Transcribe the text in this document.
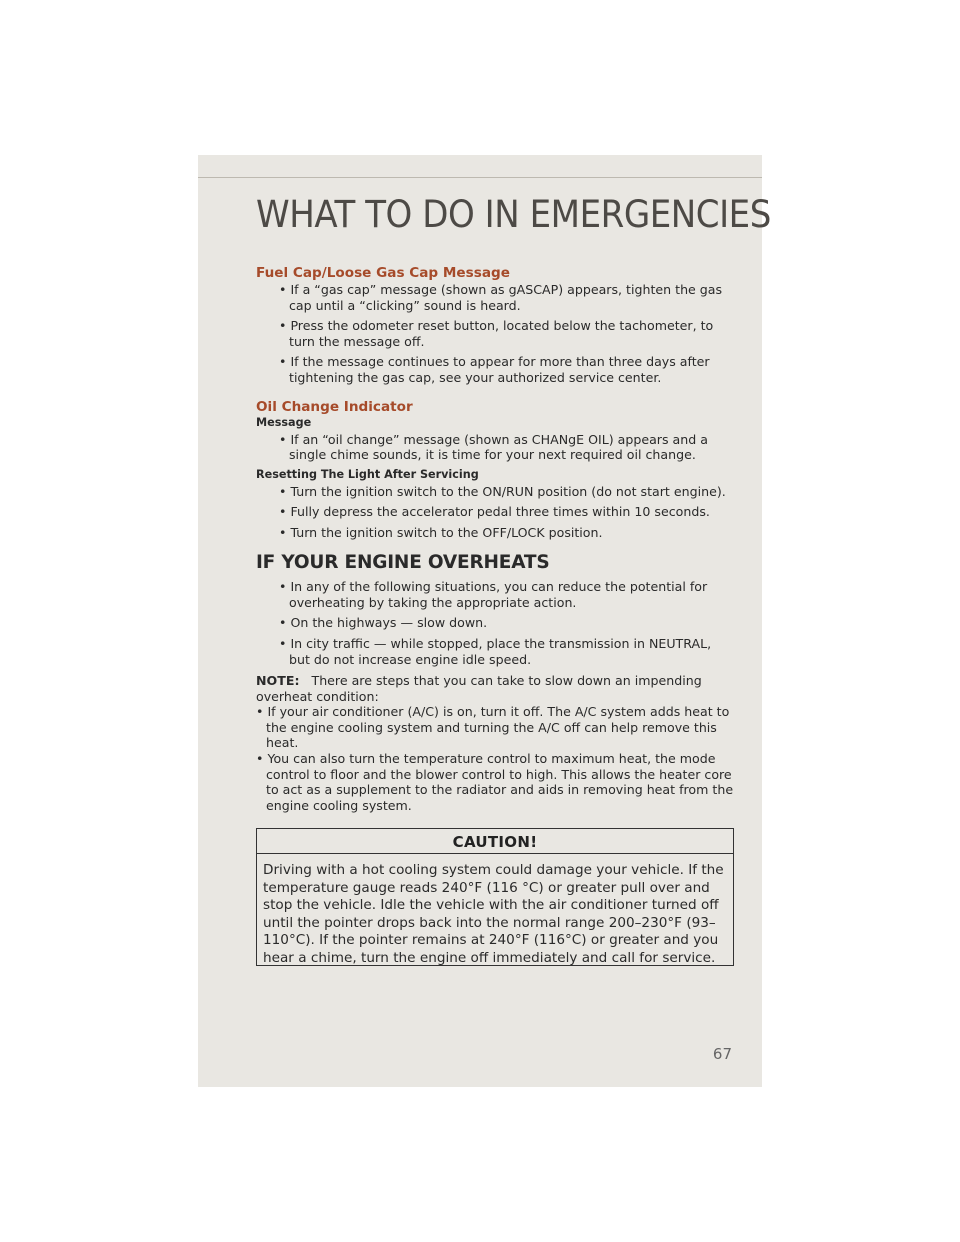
WHAT TO DO IN EMERGENCIES
Fuel Cap/Loose Gas Cap Message
• If a “gas cap” message (shown as gASCAP) appears, tighten the gas cap until a “clicking” sound is heard.
• Press the odometer reset button, located below the tachometer, to turn the message off.
• If the message continues to appear for more than three days after tightening the gas cap, see your authorized service center.
Oil Change Indicator
Message
• If an “oil change” message (shown as CHANgE OIL) appears and a single chime sounds, it is time for your next required oil change.
Resetting The Light After Servicing
• Turn the ignition switch to the ON/RUN position (do not start engine).
• Fully depress the accelerator pedal three times within 10 seconds.
• Turn the ignition switch to the OFF/LOCK position.
IF YOUR ENGINE OVERHEATS
• In any of the following situations, you can reduce the potential for overheating by taking the appropriate action.
• On the highways — slow down.
• In city traffic — while stopped, place the transmission in NEUTRAL, but do not increase engine idle speed.
NOTE: There are steps that you can take to slow down an impending overheat condition:
• If your air conditioner (A/C) is on, turn it off. The A/C system adds heat to the engine cooling system and turning the A/C off can help remove this heat.
• You can also turn the temperature control to maximum heat, the mode control to floor and the blower control to high. This allows the heater core to act as a supplement to the radiator and aids in removing heat from the engine cooling system.
CAUTION!
Driving with a hot cooling system could damage your vehicle. If the temperature gauge reads 240°F (116 °C) or greater pull over and stop the vehicle. Idle the vehicle with the air conditioner turned off until the pointer drops back into the normal range 200–230°F (93–110°C). If the pointer remains at 240°F (116°C) or greater and you hear a chime, turn the engine off immediately and call for service.
67
